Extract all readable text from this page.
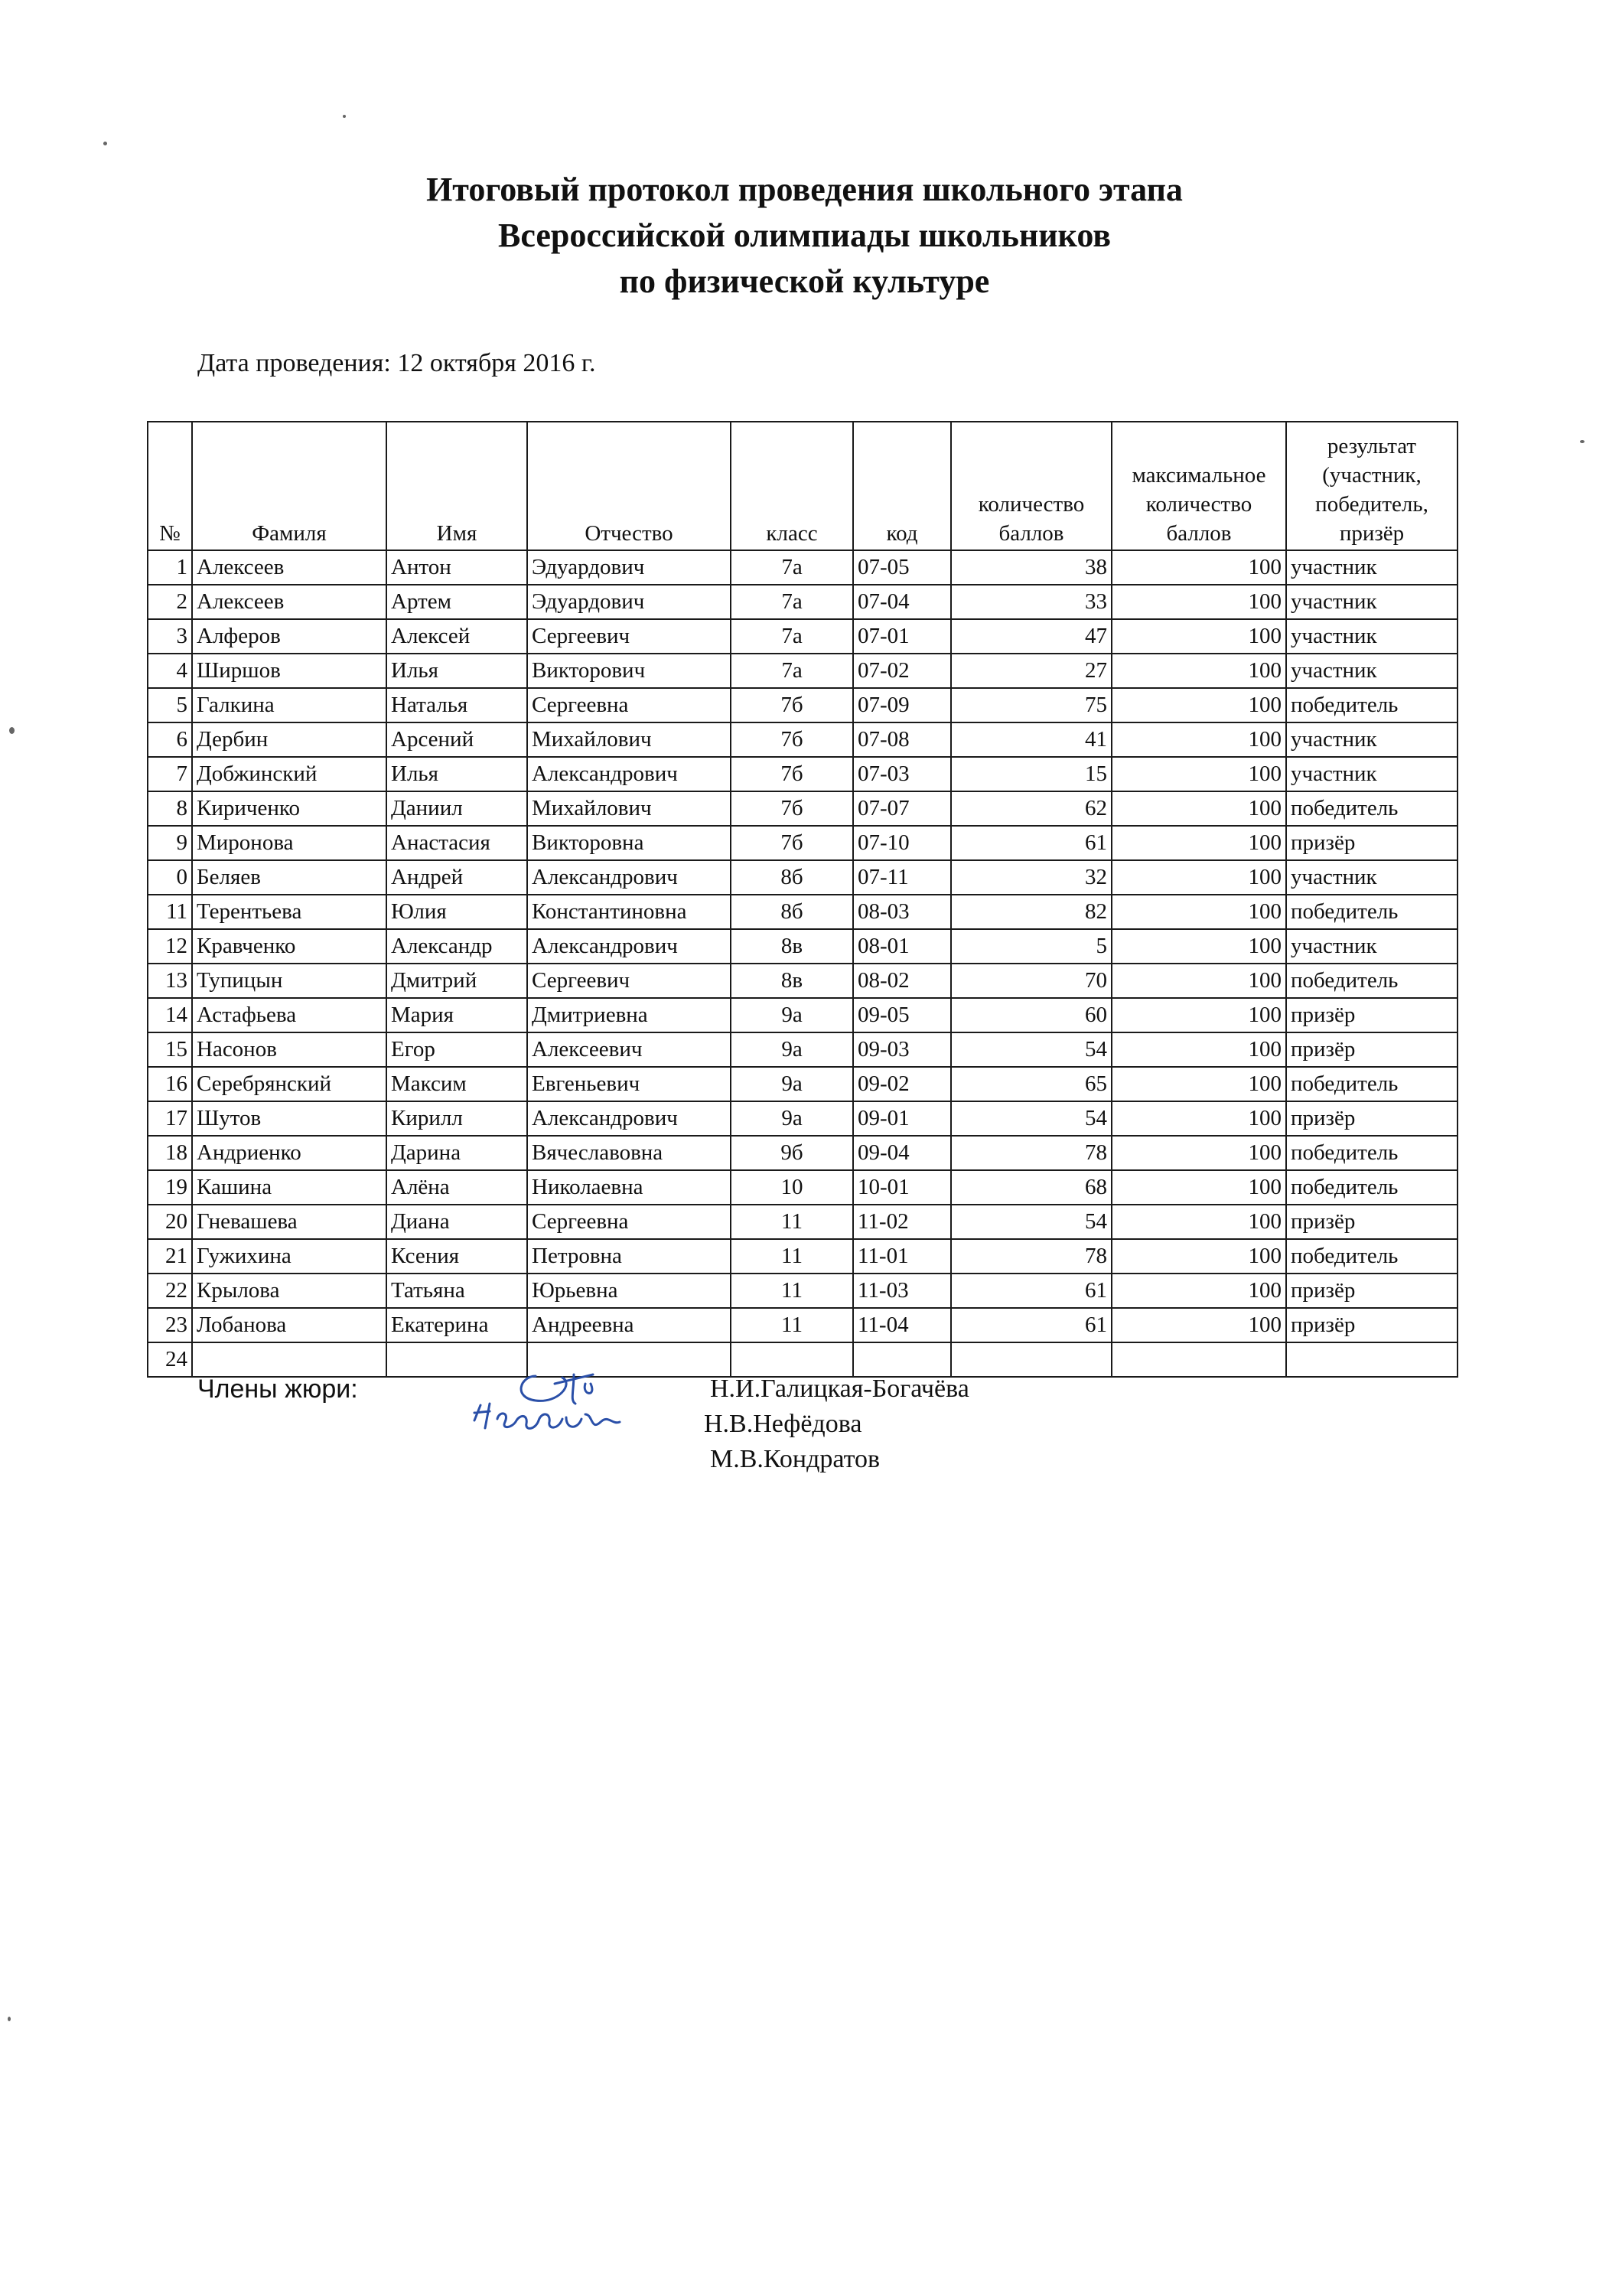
Итоговый протокол проведения школьного этапа
Всероссийской олимпиады школьников
по физической культуре
Дата проведения: 12 октября 2016 г.
№	Фамиля	Имя	Отчество	класс	код	количество баллов	максимальное количество баллов	результат (участник, победитель, призёр
1	Алексеев	Антон	Эдуардович	7а	07-05	38	100	участник
2	Алексеев	Артем	Эдуардович	7а	07-04	33	100	участник
3	Алферов	Алексей	Сергеевич	7а	07-01	47	100	участник
4	Ширшов	Илья	Викторович	7а	07-02	27	100	участник
5	Галкина	Наталья	Сергеевна	7б	07-09	75	100	победитель
6	Дербин	Арсений	Михайлович	7б	07-08	41	100	участник
7	Добжинский	Илья	Александрович	7б	07-03	15	100	участник
8	Кириченко	Даниил	Михайлович	7б	07-07	62	100	победитель
9	Миронова	Анастасия	Викторовна	7б	07-10	61	100	призёр
0	Беляев	Андрей	Александрович	8б	07-11	32	100	участник
11	Терентьева	Юлия	Константиновна	8б	08-03	82	100	победитель
12	Кравченко	Александр	Александрович	8в	08-01	5	100	участник
13	Тупицын	Дмитрий	Сергеевич	8в	08-02	70	100	победитель
14	Астафьева	Мария	Дмитриевна	9а	09-05	60	100	призёр
15	Насонов	Егор	Алексеевич	9а	09-03	54	100	призёр
16	Серебрянский	Максим	Евгеньевич	9а	09-02	65	100	победитель
17	Шутов	Кирилл	Александрович	9а	09-01	54	100	призёр
18	Андриенко	Дарина	Вячеславовна	9б	09-04	78	100	победитель
19	Кашина	Алёна	Николаевна	10	10-01	68	100	победитель
20	Гневашева	Диана	Сергеевна	11	11-02	54	100	призёр
21	Гужихина	Ксения	Петровна	11	11-01	78	100	победитель
22	Крылова	Татьяна	Юрьевна	11	11-03	61	100	призёр
23	Лобанова	Екатерина	Андреевна	11	11-04	61	100	призёр
24								
Члены жюри:	Н.И.Галицкая-Богачёва
Н.В.Нефёдова
М.В.Кондратов
